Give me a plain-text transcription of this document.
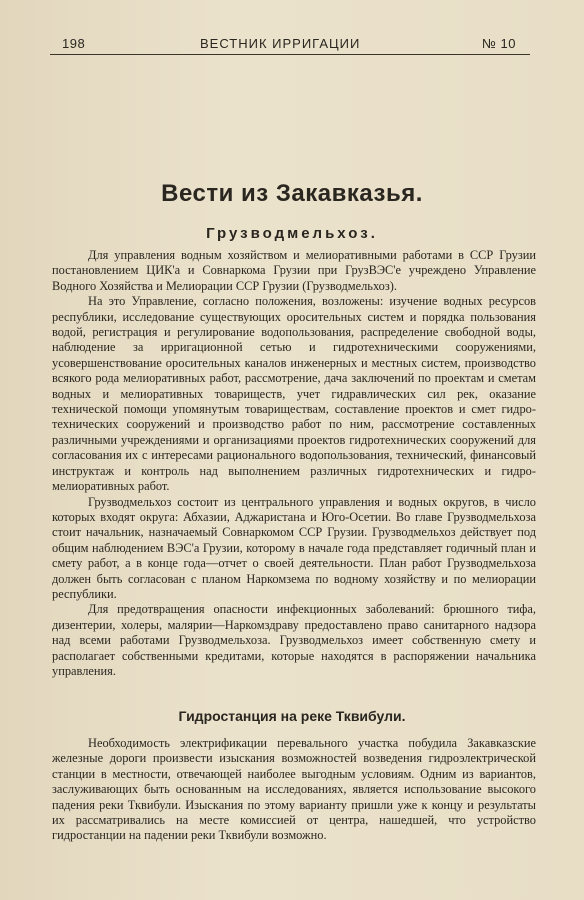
198	ВЕСТНИК ИРРИГАЦИИ	№ 10
Вести из Закавказья.
Грузводмельхоз.

Для управления водным хозяйством и мелиоративными работами в ССР Грузии постановлением ЦИК'а и Совнаркома Грузии при ГрузВЭС'е учреждено Управление Водного Хозяйства и Мелиорации ССР Грузии (Грузводмельхоз).

На это Управление, согласно положения, возложены: изучение водных ресурсов республики, исследование существующих оросительных систем и порядка пользования водой, регистрация и регулирование водопользования, распределение свободной воды, наблюдение за ирригационной сетью и гидротехническими сооружениями, усовершенствование оросительных каналов инженерных и местных систем, производство всякого рода мелиоративных работ, рассмотрение, дача заключений по проектам и сметам водных и мелиоративных товариществ, учет гидравлических сил рек, оказание технической помощи упомянутым товариществам, составление проектов и смет гидро-технических сооружений и производство работ по ним, рассмотрение составленных различными учреждениями и организациями проектов гидротехнических сооружений для согласования их с интересами рационального водопользования, технический, финансовый инструктаж и контроль над выполнением различных гидротехнических и гидро-мелиоративных работ.

Грузводмельхоз состоит из центрального управления и водных округов, в число которых входят округа: Абхазии, Аджаристана и Юго-Осетии. Во главе Грузводмельхоза стоит начальник, назначаемый Совнаркомом ССР Грузии. Грузводмельхоз действует под общим наблюдением ВЭС'а Грузии, которому в начале года представляет годичный план и смету работ, а в конце года—отчет о своей деятельности. План работ Грузводмельхоза должен быть согласован с планом Наркомзема по водному хозяйству и по мелиорации республики.

Для предотвращения опасности инфекционных заболеваний: брюшного тифа, дизентерии, холеры, малярии—Наркомздраву предоставлено право санитарного надзора над всеми работами Грузводмельхоза. Грузводмельхоз имеет собственную смету и располагает собственными кредитами, которые находятся в распоряжении начальника управления.

Гидростанция на реке Тквибули.

Необходимость электрификации перевального участка побудила Закавказские железные дороги произвести изыскания возможностей возведения гидроэлектрической станции в местности, отвечающей наиболее выгодным условиям. Одним из вариантов, заслуживающих быть основанным на исследованиях, является использование высокого падения реки Тквибули. Изыскания по этому варианту пришли уже к концу и результаты их рассматривались на месте комиссией от центра, нашедшей, что устройство гидростанции на падении реки Тквибули возможно.
